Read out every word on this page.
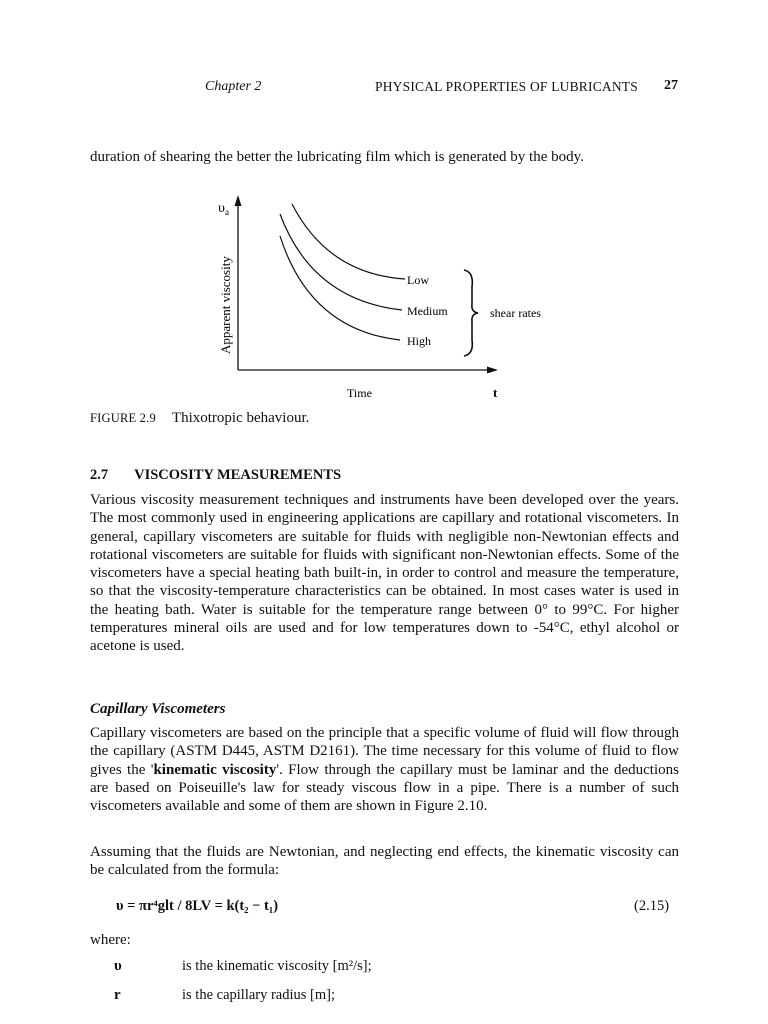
Chapter 2	PHYSICAL PROPERTIES OF LUBRICANTS 27

duration of shearing the better the lubricating film which is generated by the body.

$\upsilon_a$
Apparent viscosity	Low
Medium
High
shear rates
Time	t
FIGURE 2.9 Thixotropic behaviour.
2.7 VISCOSITY MEASUREMENTS

Various viscosity measurement techniques and instruments have been developed over the years. The most commonly used in engineering applications are capillary and rotational viscometers. In general, capillary viscometers are suitable for fluids with negligible non-Newtonian effects and rotational viscometers are suitable for fluids with significant non-Newtonian effects. Some of the viscometers have a special heating bath built-in, in order to control and measure the temperature, so that the viscosity-temperature characteristics can be obtained. In most cases water is used in the heating bath. Water is suitable for the temperature range between 0° to 99°C. For higher temperatures mineral oils are used and for low temperatures down to -54°C, ethyl alcohol or acetone is used.

Capillary Viscometers

Capillary viscometers are based on the principle that a specific volume of fluid will flow through the capillary (ASTM D445, ASTM D2161). The time necessary for this volume of fluid to flow gives the 'kinematic viscosity'. Flow through the capillary must be laminar and the deductions are based on Poiseuille's law for steady viscous flow in a pipe. There is a number of such viscometers available and some of them are shown in Figure 2.10.

Assuming that the fluids are Newtonian, and neglecting end effects, the kinematic viscosity can be calculated from the formula:

υ = πr⁴glt / 8LV = k(t₂ − t₁)	(2.15)
where:
υ	is the kinematic viscosity [m²/s];
r	is the capillary radius [m];
